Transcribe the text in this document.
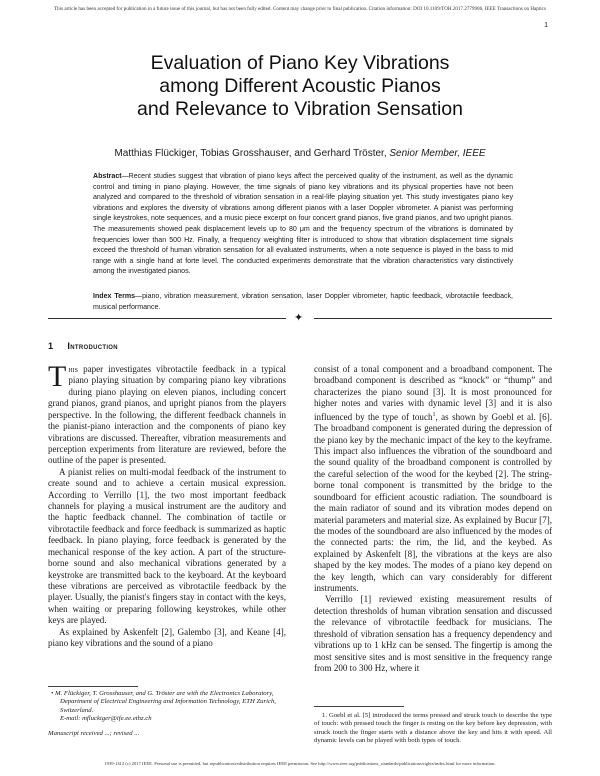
This article has been accepted for publication in a future issue of this journal, but has not been fully edited. Content may change prior to final publication. Citation information: DOI 10.1109/TOH.2017.2779906, IEEE Transactions on Haptics
1
Evaluation of Piano Key Vibrations
among Different Acoustic Pianos
and Relevance to Vibration Sensation
Matthias Flückiger, Tobias Grosshauser, and Gerhard Tröster, Senior Member, IEEE
Abstract—Recent studies suggest that vibration of piano keys affect the perceived quality of the instrument, as well as the dynamic control and timing in piano playing. However, the time signals of piano key vibrations and its physical properties have not been analyzed and compared to the threshold of vibration sensation in a real-life playing situation yet. This study investigates piano key vibrations and explores the diversity of vibrations among different pianos with a laser Doppler vibrometer. A pianist was performing single keystrokes, note sequences, and a music piece excerpt on four concert grand pianos, five grand pianos, and two upright pianos. The measurements showed peak displacement levels up to 80 μm and the frequency spectrum of the vibrations is dominated by frequencies lower than 500 Hz. Finally, a frequency weighting filter is introduced to show that vibration displacement time signals exceed the threshold of human vibration sensation for all evaluated instruments, when a note sequence is played in the bass to mid range with a single hand at forte level. The conducted experiments demonstrate that the vibration characteristics vary distinctively among the investigated pianos.
Index Terms—piano, vibration measurement, vibration sensation, laser Doppler vibrometer, haptic feedback, vibrotactile feedback, musical performance.
✦
1 Introduction

This paper investigates vibrotactile feedback in a typical piano playing situation by comparing piano key vibrations during piano playing on eleven pianos, including concert grand pianos, grand pianos, and upright pianos from the players perspective. In the following, the different feedback channels in the pianist-piano interaction and the components of piano key vibrations are discussed. Thereafter, vibration measurements and perception experiments from literature are reviewed, before the outline of the paper is presented.

A pianist relies on multi-modal feedback of the instrument to create sound and to achieve a certain musical expression. According to Verrillo [1], the two most important feedback channels for playing a musical instrument are the auditory and the haptic feedback channel. The combination of tactile or vibrotactile feedback and force feedback is summarized as haptic feedback. In piano playing, force feedback is generated by the mechanical response of the key action. A part of the structure-borne sound and also mechanical vibrations generated by a keystroke are transmitted back to the keyboard. At the keyboard these vibrations are perceived as vibrotactile feedback by the player. Usually, the pianist's fingers stay in contact with the keys, when waiting or preparing following keystrokes, while other keys are played.

As explained by Askenfelt [2], Galembo [3], and Keane [4], piano key vibrations and the sound of a piano

consist of a tonal component and a broadband component. The broadband component is described as “knock” or “thump” and characterizes the piano sound [3]. It is most pronounced for higher notes and varies with dynamic level [3] and it is also influenced by the type of touch$^1$, as shown by Goebl et al. [6]. The broadband component is generated during the depression of the piano key by the mechanic impact of the key to the keyframe. This impact also influences the vibration of the soundboard and the sound quality of the broadband component is controlled by the careful selection of the wood for the keybed [2]. The string-borne tonal component is transmitted by the bridge to the soundboard for efficient acoustic radiation. The soundboard is the main radiator of sound and its vibration modes depend on material parameters and material size. As explained by Bucur [7], the modes of the soundboard are also influenced by the modes of the connected parts: the rim, the lid, and the keybed. As explained by Askenfelt [8], the vibrations at the keys are also shaped by the key modes. The modes of a piano key depend on the key length, which can vary considerably for different instruments.

Verrillo [1] reviewed existing measurement results of detection thresholds of human vibration sensation and discussed the relevance of vibrotactile feedback for musicians. The threshold of vibration sensation has a frequency dependency and vibrations up to 1 kHz can be sensed. The fingertip is among the most sensitive sites and is most sensitive in the frequency range from 200 to 300 Hz, where it

• M. Flückiger, T. Grosshauser, and G. Tröster are with the Electronics Laboratory, Department of Electrical Engineering and Information Technology, ETH Zurich, Switzerland.
E-mail: mfluckiger@ife.ee.ethz.ch
Manuscript received ...; revised ...
1. Goebl et al. [5] introduced the terms pressed and struck touch to describe the type of touch: with pressed touch the finger is resting on the key before key depression, with struck touch the finger starts with a distance above the key and hits it with speed. All dynamic levels can be played with both types of touch.
1939-1412 (c) 2017 IEEE. Personal use is permitted, but republication/redistribution requires IEEE permission. See http://www.ieee.org/publications_standards/publications/rights/index.html for more information.
